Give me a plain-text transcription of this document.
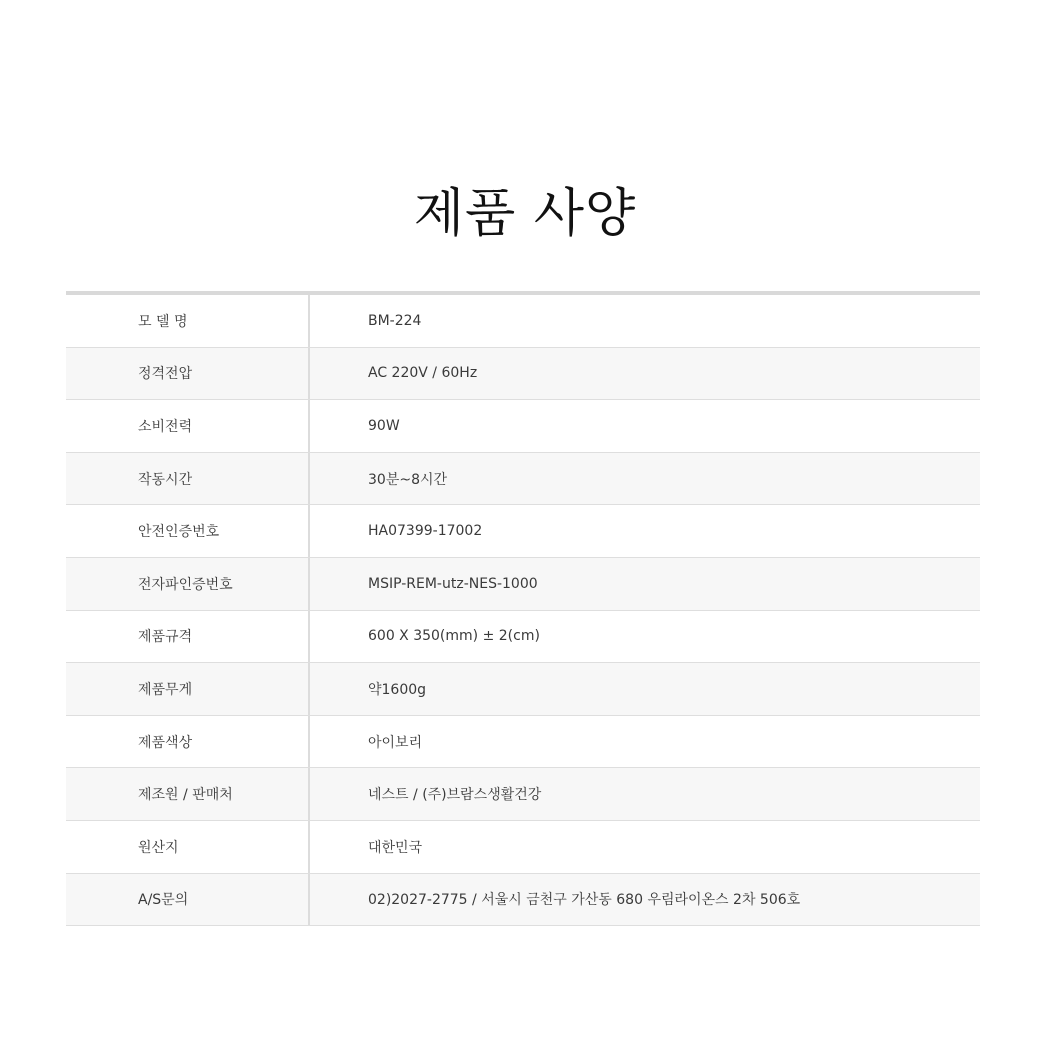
제품 사양
모 델 명	BM-224
정격전압	AC 220V / 60Hz
소비전력	90W
작동시간	30분~8시간
안전인증번호	HA07399-17002
전자파인증번호	MSIP-REM-utz-NES-1000
제품규격	600 X 350(mm) ± 2(cm)
제품무게	약1600g
제품색상	아이보리
제조원 / 판매처	네스트 / (주)브람스생활건강
원산지	대한민국
A/S문의	02)2027-2775 / 서울시 금천구 가산동 680 우림라이온스 2차 506호
